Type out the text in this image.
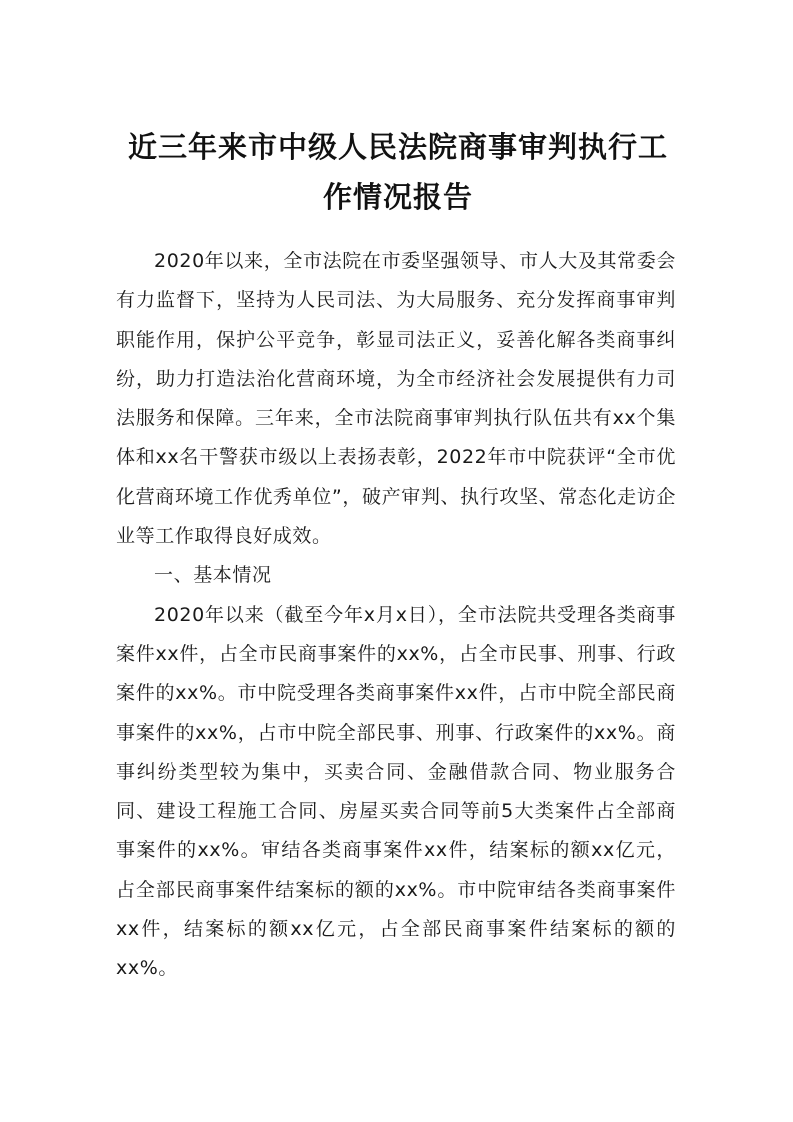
近三年来市中级人民法院商事审判执行工作情况报告

2020年以来，全市法院在市委坚强领导、市人大及其常委会有力监督下，坚持为人民司法、为大局服务、充分发挥商事审判职能作用，保护公平竞争，彰显司法正义，妥善化解各类商事纠纷，助力打造法治化营商环境，为全市经济社会发展提供有力司法服务和保障。三年来，全市法院商事审判执行队伍共有xx个集体和xx名干警获市级以上表扬表彰，2022年市中院获评“全市优化营商环境工作优秀单位”，破产审判、执行攻坚、常态化走访企业等工作取得良好成效。

一、基本情况

2020年以来（截至今年x月x日），全市法院共受理各类商事案件xx件，占全市民商事案件的xx%，占全市民事、刑事、行政案件的xx%。市中院受理各类商事案件xx件，占市中院全部民商事案件的xx%，占市中院全部民事、刑事、行政案件的xx%。商事纠纷类型较为集中，买卖合同、金融借款合同、物业服务合同、建设工程施工合同、房屋买卖合同等前5大类案件占全部商事案件的xx%。审结各类商事案件xx件，结案标的额xx亿元，占全部民商事案件结案标的额的xx%。市中院审结各类商事案件xx件，结案标的额xx亿元，占全部民商事案件结案标的额的xx%。
